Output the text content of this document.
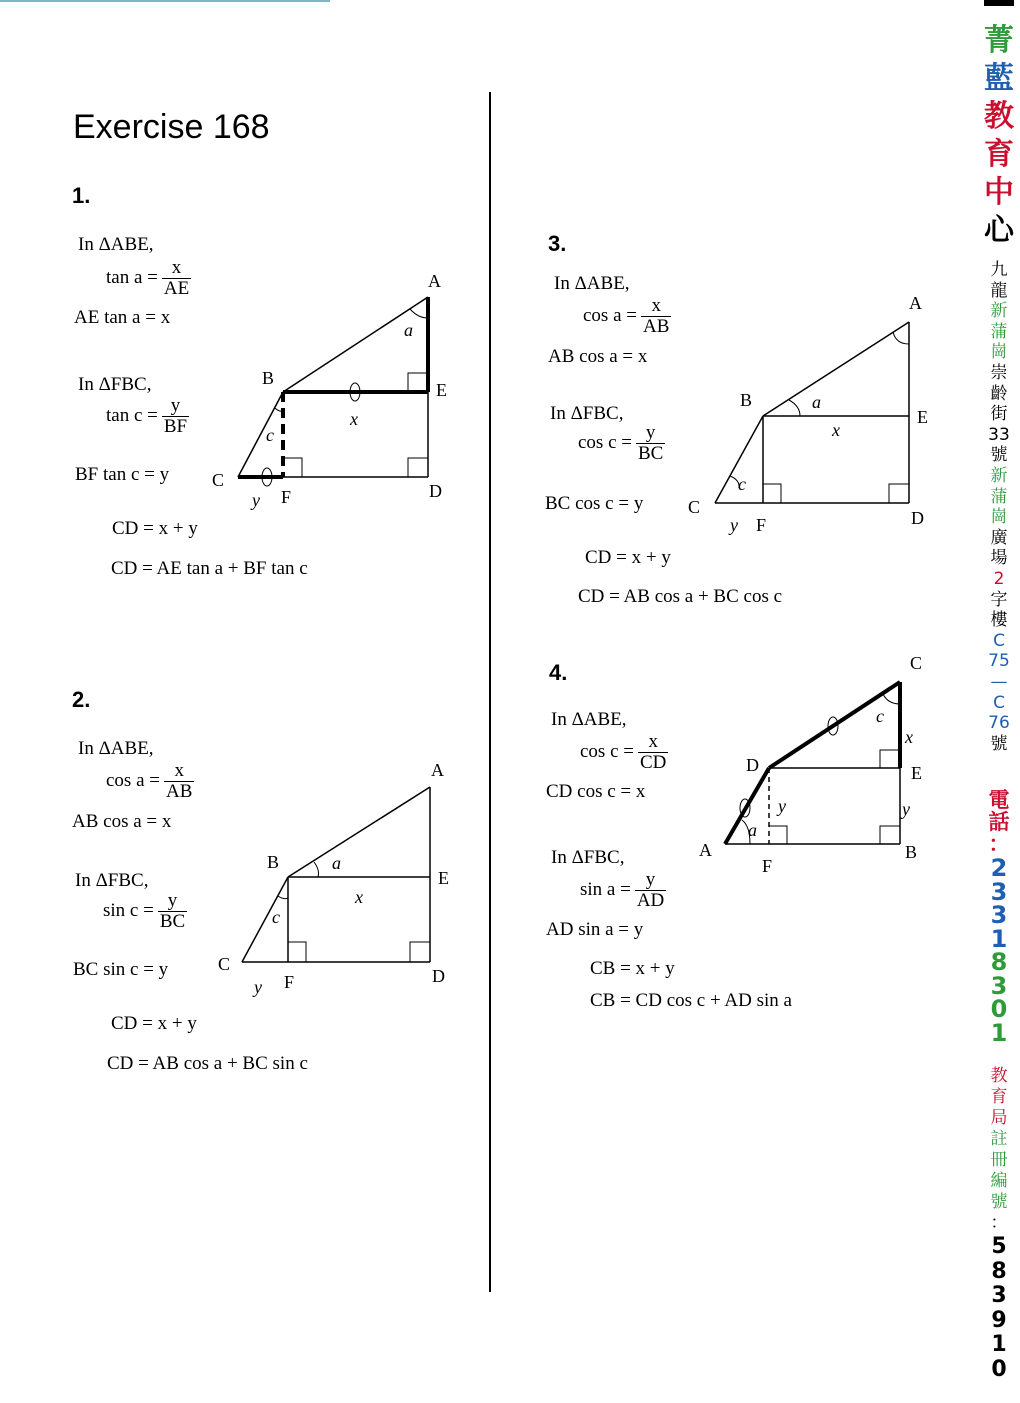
Exercise 168
1.
In ΔABE,
$\tan a = \frac{x}{AE}$
AE tan a = x
In ΔFBC,
$\tan c = \frac{y}{BF}$
BF tan c = y
CD = x + y
CD = AE tan a + BF tan c
A
B
C
D
E
F
x
y
a
c
2.
In ΔABE,
$\cos a = \frac{x}{AB}$
AB cos a = x
In ΔFBC,
$\sin c = \frac{y}{BC}$
BC sin c = y
CD = x + y
CD = AB cos a + BC sin c
A
B
C
D
E
F
x
y
a
c
3.
In ΔABE,
$\cos a = \frac{x}{AB}$
AB cos a = x
In ΔFBC,
$\cos c = \frac{y}{BC}$
BC cos c = y
CD = x + y
CD = AB cos a + BC cos c
A
B
C
D
E
F
x
y
a
c
4.
In ΔABE,
$\cos c = \frac{x}{CD}$
CD cos c = x
In ΔFBC,
$\sin a = \frac{y}{AD}$
AD sin a = y
CB = x + y
CB = CD cos c + AD sin a
C
D	E
A	B
F
x
y
y
a
c
菁
藍
教
育
中
心
九
龍
新
蒲
崗
崇
齡
街
33
號
新
蒲
崗
廣
場
2
字
樓
C
75
—
C
76
號
電
話
：
2
3
3
1
8
3
0
1
教
育
局
註
冊
編
號
：
5
8
3
9
1
0
